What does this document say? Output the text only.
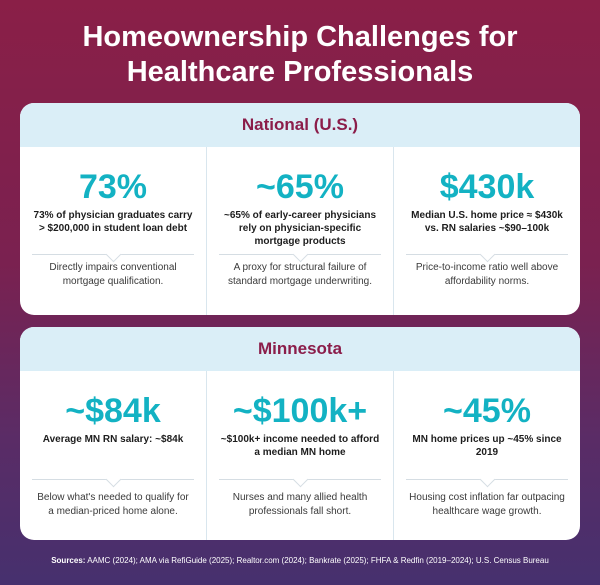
Homeownership Challenges for
Healthcare Professionals
National (U.S.)
73%
73% of physician graduates carry > $200,000 in student loan debt
Directly impairs conventional mortgage qualification.
~65%
~65% of early-career physicians rely on physician-specific mortgage products
A proxy for structural failure of standard mortgage underwriting.
$430k
Median U.S. home price ≈ $430k vs. RN salaries ~$90–100k
Price-to-income ratio well above affordability norms.
Minnesota
~$84k
Average MN RN salary: ~$84k
Below what's needed to qualify for a median‑priced home alone.
~$100k+
~$100k+ income needed to afford a median MN home
Nurses and many allied health professionals fall short.
~45%
MN home prices up ~45% since 2019
Housing cost inflation far outpacing healthcare wage growth.
Sources: AAMC (2024); AMA via RefiGuide (2025); Realtor.com (2024); Bankrate (2025); FHFA & Redfin (2019–2024); U.S. Census Bureau
